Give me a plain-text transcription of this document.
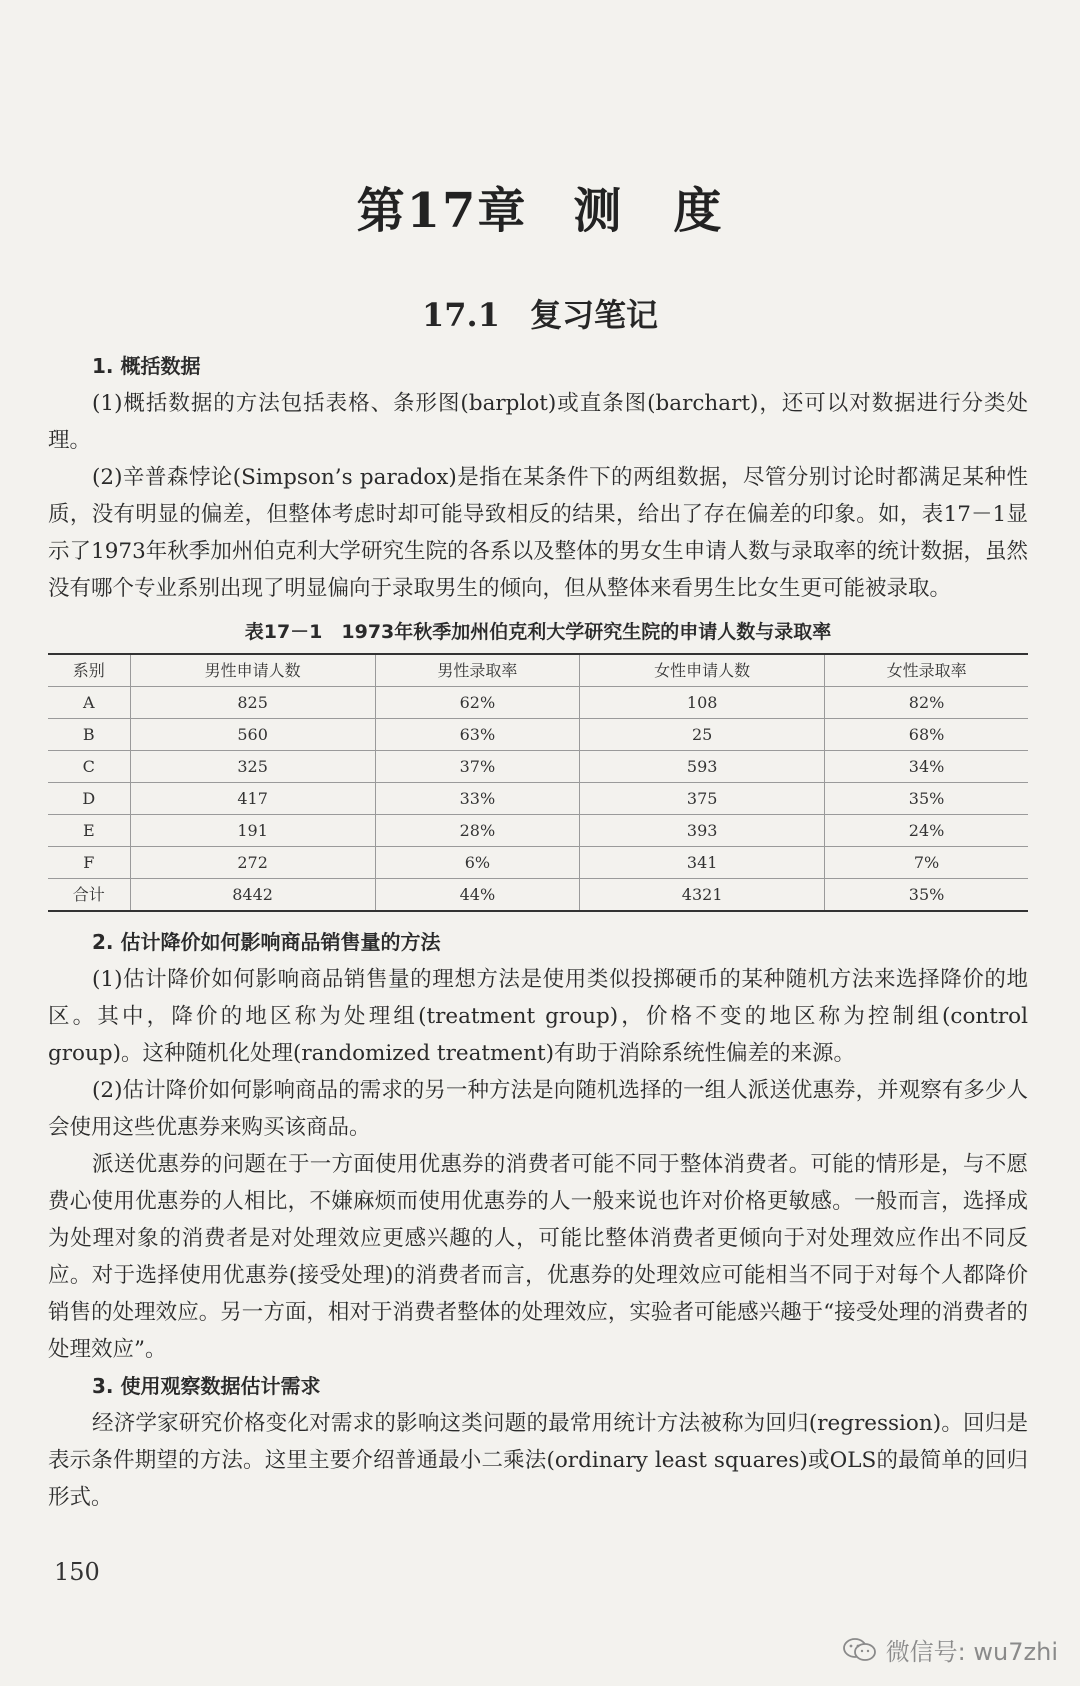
第17章 测　度
17.1 复习笔记

1. 概括数据

(1)概括数据的方法包括表格、条形图(barplot)或直条图(barchart)，还可以对数据进行分类处理。

(2)辛普森悖论(Simpson’s paradox)是指在某条件下的两组数据，尽管分别讨论时都满足某种性质，没有明显的偏差，但整体考虑时却可能导致相反的结果，给出了存在偏差的印象。如，表17－1显示了1973年秋季加州伯克利大学研究生院的各系以及整体的男女生申请人数与录取率的统计数据，虽然没有哪个专业系别出现了明显偏向于录取男生的倾向，但从整体来看男生比女生更可能被录取。

表17－1　1973年秋季加州伯克利大学研究生院的申请人数与录取率
系别	男性申请人数	男性录取率	女性申请人数	女性录取率
A	825	62%	108	82%
B	560	63%	25	68%
C	325	37%	593	34%
D	417	33%	375	35%
E	191	28%	393	24%
F	272	6%	341	7%
合计	8442	44%	4321	35%

2. 估计降价如何影响商品销售量的方法

(1)估计降价如何影响商品销售量的理想方法是使用类似投掷硬币的某种随机方法来选择降价的地区。其中，降价的地区称为处理组(treatment group)，价格不变的地区称为控制组(control group)。这种随机化处理(randomized treatment)有助于消除系统性偏差的来源。

(2)估计降价如何影响商品的需求的另一种方法是向随机选择的一组人派送优惠券，并观察有多少人会使用这些优惠券来购买该商品。

派送优惠券的问题在于一方面使用优惠券的消费者可能不同于整体消费者。可能的情形是，与不愿费心使用优惠券的人相比，不嫌麻烦而使用优惠券的人一般来说也许对价格更敏感。一般而言，选择成为处理对象的消费者是对处理效应更感兴趣的人，可能比整体消费者更倾向于对处理效应作出不同反应。对于选择使用优惠券(接受处理)的消费者而言，优惠券的处理效应可能相当不同于对每个人都降价销售的处理效应。另一方面，相对于消费者整体的处理效应，实验者可能感兴趣于“接受处理的消费者的处理效应”。

3. 使用观察数据估计需求

经济学家研究价格变化对需求的影响这类问题的最常用统计方法被称为回归(regression)。回归是表示条件期望的方法。这里主要介绍普通最小二乘法(ordinary least squares)或OLS的最简单的回归形式。

150
微信号: wu7zhi
